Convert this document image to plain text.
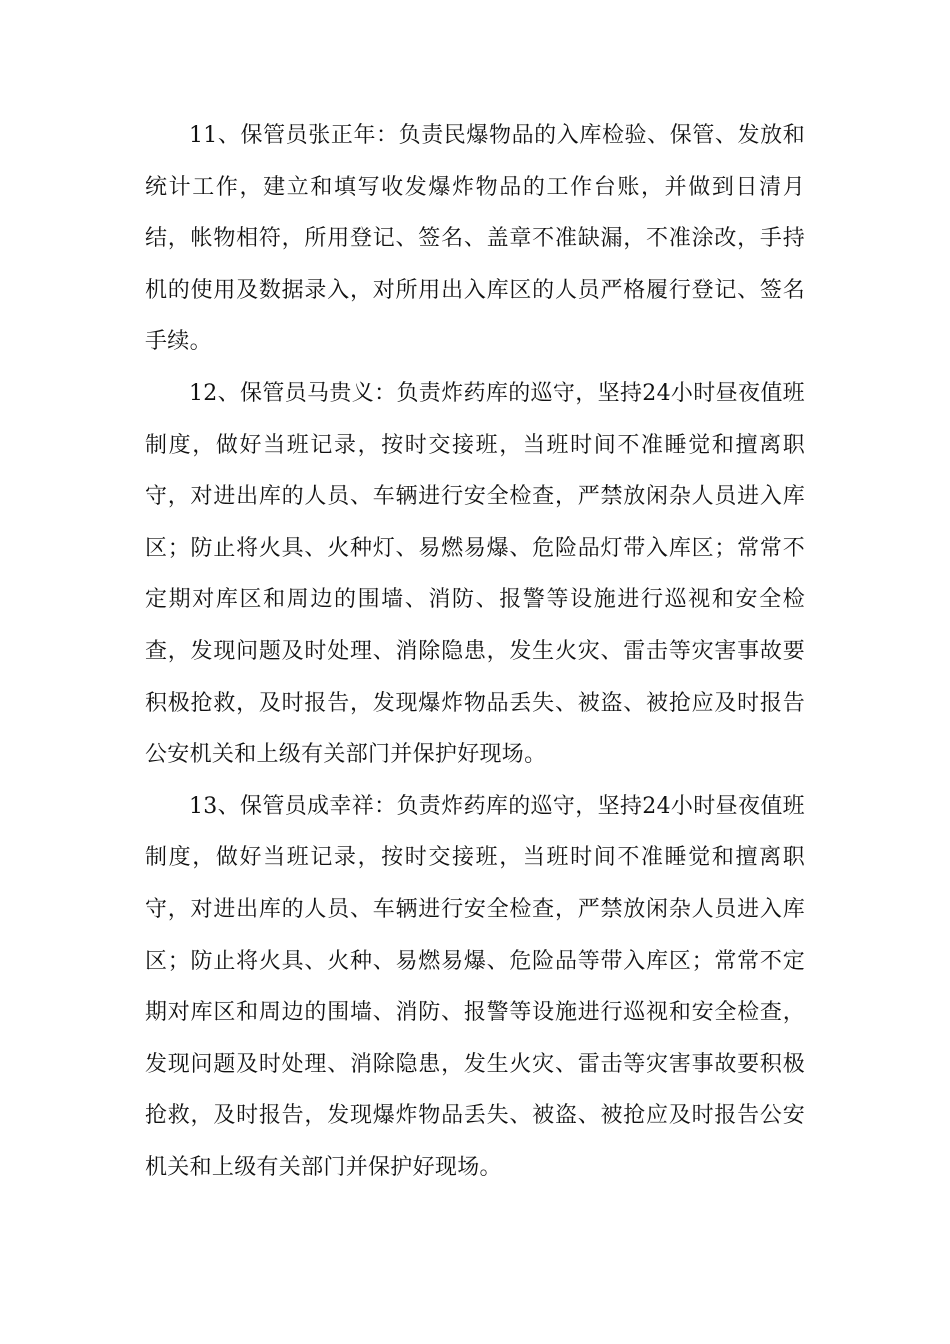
11、保管员张正年：负责民爆物品的入库检验、保管、发放和统计工作，建立和填写收发爆炸物品的工作台账，并做到日清月结，帐物相符，所用登记、签名、盖章不准缺漏，不准涂改，手持机的使用及数据录入，对所用出入库区的人员严格履行登记、签名手续。

12、保管员马贵义：负责炸药库的巡守，坚持24小时昼夜值班制度，做好当班记录，按时交接班，当班时间不准睡觉和擅离职守，对进出库的人员、车辆进行安全检查，严禁放闲杂人员进入库区；防止将火具、火种灯、易燃易爆、危险品灯带入库区；常常不定期对库区和周边的围墙、消防、报警等设施进行巡视和安全检查，发现问题及时处理、消除隐患，发生火灾、雷击等灾害事故要积极抢救，及时报告，发现爆炸物品丢失、被盗、被抢应及时报告公安机关和上级有关部门并保护好现场。

13、保管员成幸祥：负责炸药库的巡守，坚持24小时昼夜值班制度，做好当班记录，按时交接班，当班时间不准睡觉和擅离职守，对进出库的人员、车辆进行安全检查，严禁放闲杂人员进入库区；防止将火具、火种、易燃易爆、危险品等带入库区；常常不定期对库区和周边的围墙、消防、报警等设施进行巡视和安全检查，发现问题及时处理、消除隐患，发生火灾、雷击等灾害事故要积极抢救，及时报告，发现爆炸物品丢失、被盗、被抢应及时报告公安机关和上级有关部门并保护好现场。
